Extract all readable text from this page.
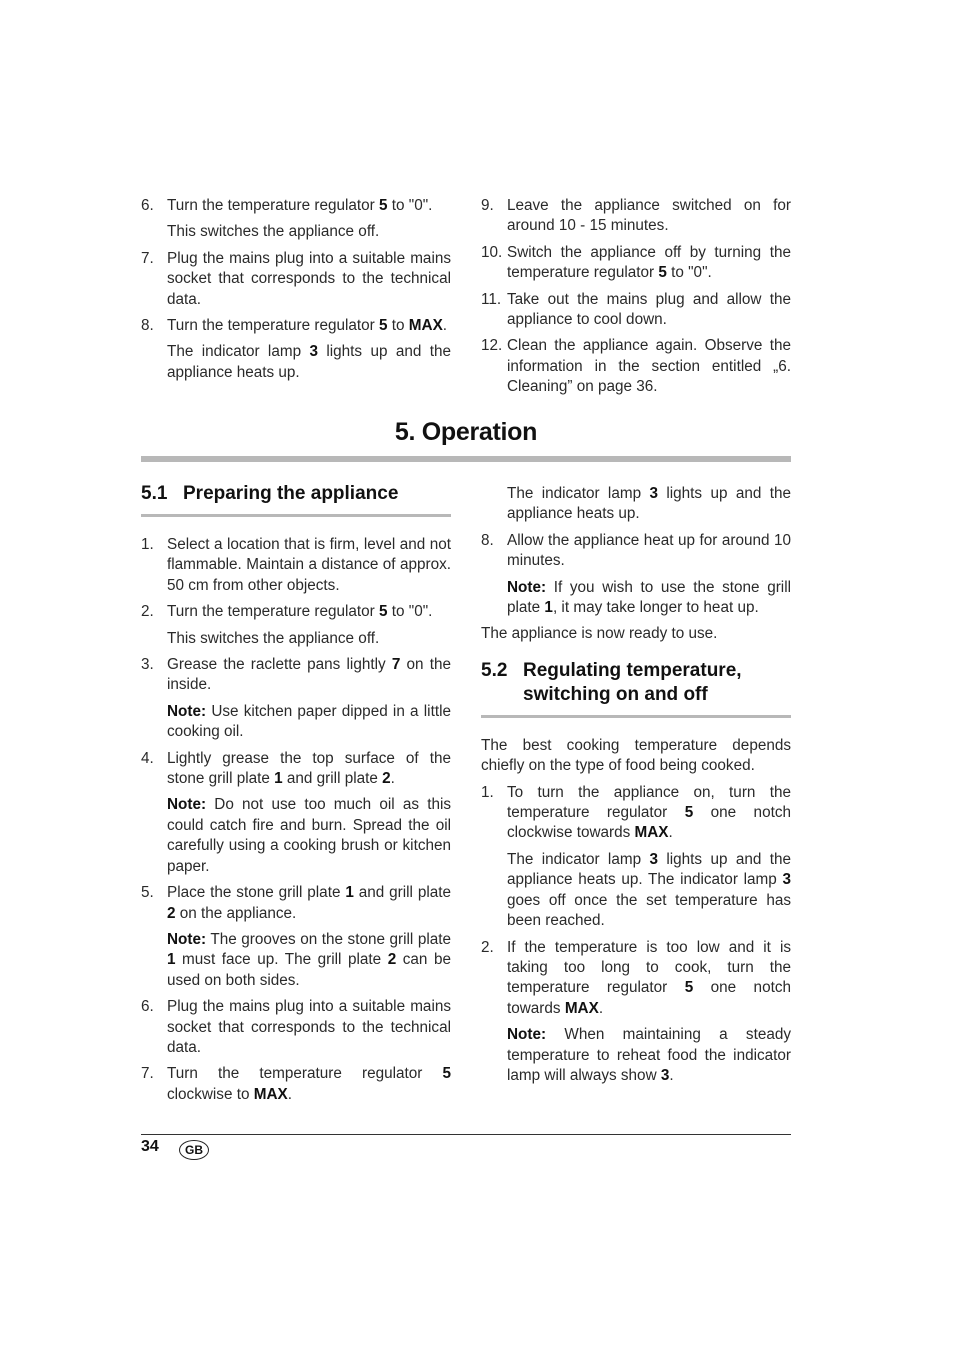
6. Turn the temperature regulator 5 to "0".
This switches the appliance off.
7. Plug the mains plug into a suitable mains socket that corresponds to the technical data.
8. Turn the temperature regulator 5 to MAX.
The indicator lamp 3 lights up and the appliance heats up.
9. Leave the appliance switched on for around 10 - 15 minutes.
10. Switch the appliance off by turning the temperature regulator 5 to "0".
11. Take out the mains plug and allow the appliance to cool down.
12. Clean the appliance again. Observe the information in the section entitled „6. Cleaning” on page 36.
5. Operation
5.1 Preparing the appliance
1. Select a location that is firm, level and not flammable. Maintain a distance of approx. 50 cm from other objects.
2. Turn the temperature regulator 5 to "0".
This switches the appliance off.
3. Grease the raclette pans lightly 7 on the inside.
Note: Use kitchen paper dipped in a little cooking oil.
4. Lightly grease the top surface of the stone grill plate 1 and grill plate 2.
Note: Do not use too much oil as this could catch fire and burn. Spread the oil carefully using a cooking brush or kitchen paper.
5. Place the stone grill plate 1 and grill plate 2 on the appliance.
Note: The grooves on the stone grill plate 1 must face up. The grill plate 2 can be used on both sides.
6. Plug the mains plug into a suitable mains socket that corresponds to the technical data.
7. Turn the temperature regulator 5 clockwise to MAX.
The indicator lamp 3 lights up and the appliance heats up.
8. Allow the appliance heat up for around 10 minutes.
Note: If you wish to use the stone grill plate 1, it may take longer to heat up.
The appliance is now ready to use.
5.2 Regulating temperature,
switching on and off
The best cooking temperature depends chiefly on the type of food being cooked.
1. To turn the appliance on, turn the temperature regulator 5 one notch clockwise towards MAX.
The indicator lamp 3 lights up and the appliance heats up. The indicator lamp 3 goes off once the set temperature has been reached.
2. If the temperature is too low and it is taking too long to cook, turn the temperature regulator 5 one notch towards MAX.
Note: When maintaining a steady temperature to reheat food the indicator lamp will always show 3.
34	GB
